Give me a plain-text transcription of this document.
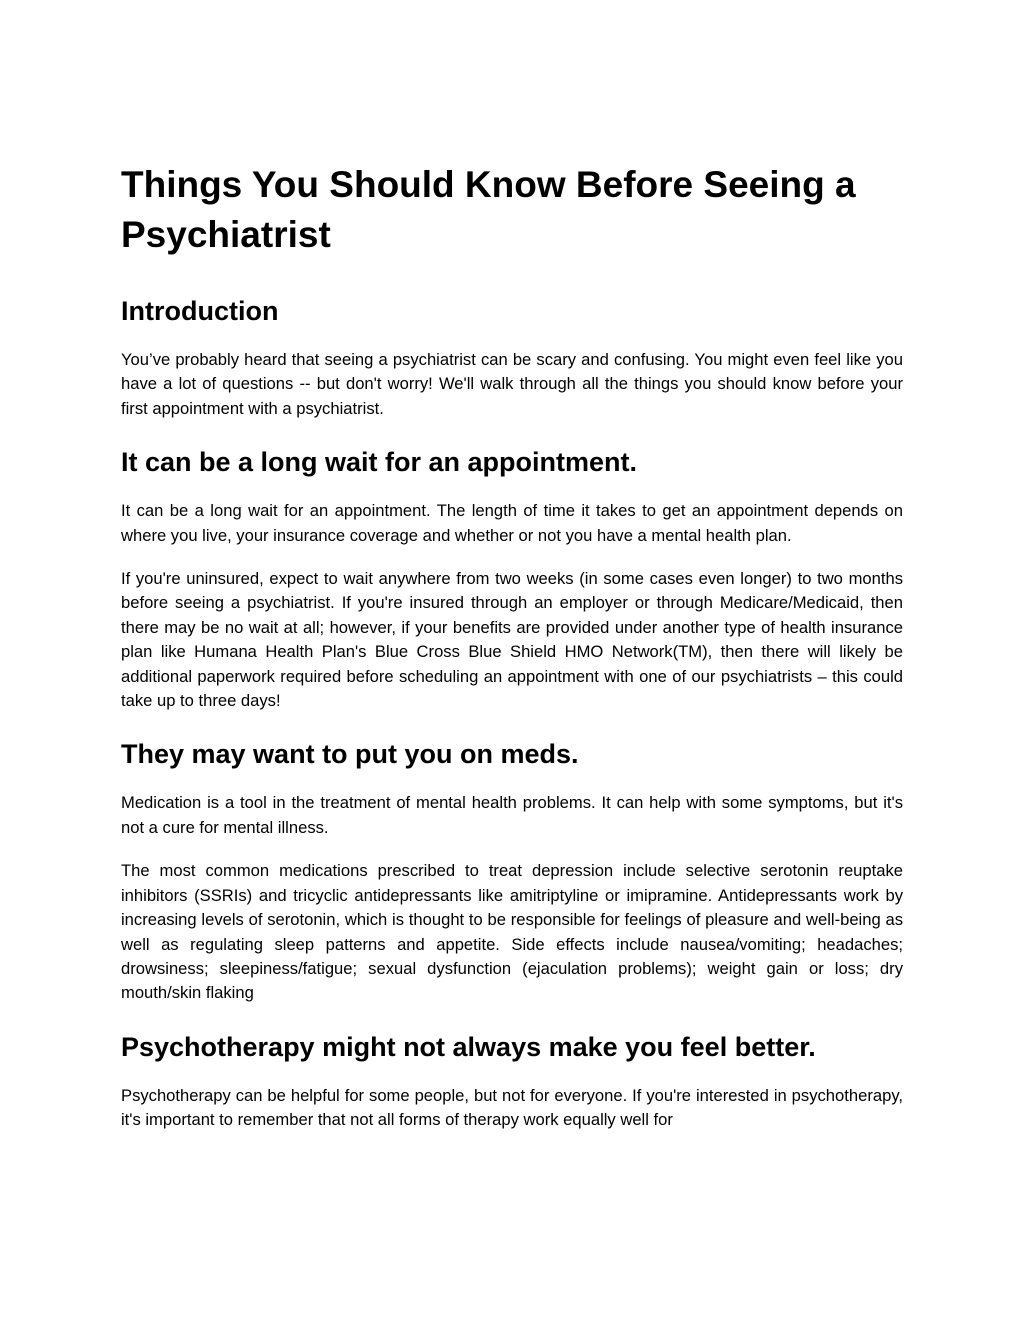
Things You Should Know Before Seeing a Psychiatrist
Introduction

You’ve probably heard that seeing a psychiatrist can be scary and confusing. You might even feel like you have a lot of questions -- but don't worry! We'll walk through all the things you should know before your first appointment with a psychiatrist.

It can be a long wait for an appointment.

It can be a long wait for an appointment. The length of time it takes to get an appointment depends on where you live, your insurance coverage and whether or not you have a mental health plan.

If you're uninsured, expect to wait anywhere from two weeks (in some cases even longer) to two months before seeing a psychiatrist. If you're insured through an employer or through Medicare/Medicaid, then there may be no wait at all; however, if your benefits are provided under another type of health insurance plan like Humana Health Plan's Blue Cross Blue Shield HMO Network(TM), then there will likely be additional paperwork required before scheduling an appointment with one of our psychiatrists – this could take up to three days!

They may want to put you on meds.

Medication is a tool in the treatment of mental health problems. It can help with some symptoms, but it's not a cure for mental illness.

The most common medications prescribed to treat depression include selective serotonin reuptake inhibitors (SSRIs) and tricyclic antidepressants like amitriptyline or imipramine. Antidepressants work by increasing levels of serotonin, which is thought to be responsible for feelings of pleasure and well-being as well as regulating sleep patterns and appetite. Side effects include nausea/vomiting; headaches; drowsiness; sleepiness/fatigue; sexual dysfunction (ejaculation problems); weight gain or loss; dry mouth/skin flaking

Psychotherapy might not always make you feel better.

Psychotherapy can be helpful for some people, but not for everyone. If you're interested in psychotherapy, it's important to remember that not all forms of therapy work equally well for
